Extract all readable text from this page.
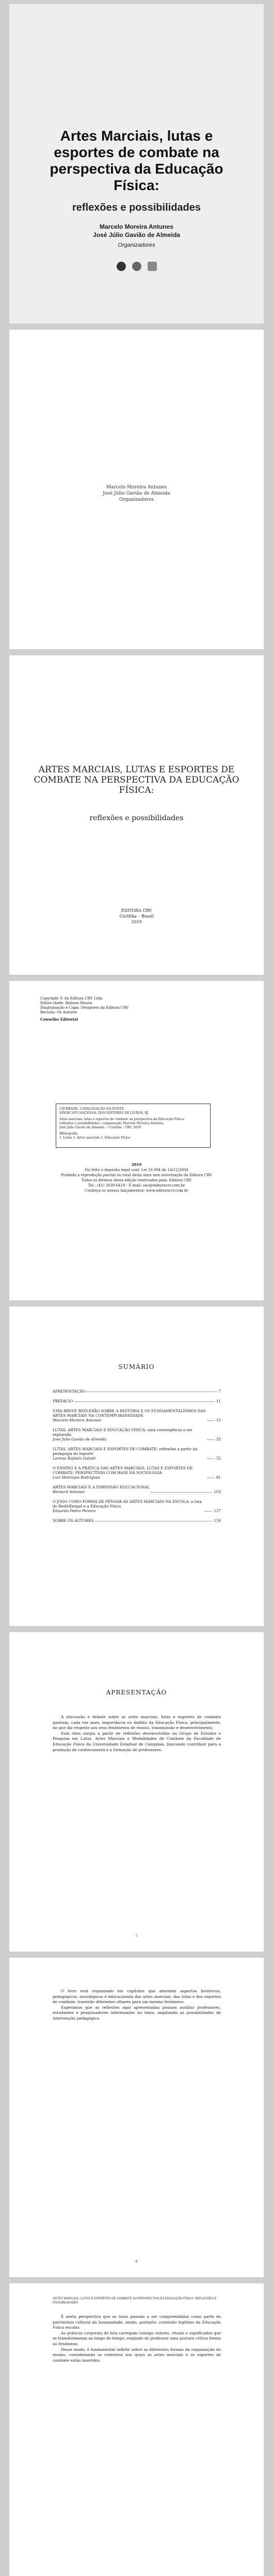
Artes Marciais, lutas e esportes de combate na perspectiva da Educação Física:
reflexões e possibilidades
Marcelo Moreira Antunes
José Júlio Gavião de Almeida
Organizadores
Marcelo Moreira Antunes
José Júlio Gavião de Almeida
Organizadores
ARTES MARCIAIS, LUTAS E ESPORTES DE COMBATE NA PERSPECTIVA DA EDUCAÇÃO FÍSICA:
reflexões e possibilidades
EDITORA CRV
Curitiba – Brasil
2019
Copyright © da Editora CRV Ltda.
Editor-chefe: Railson Moura
Diagramação e Capa: Designers da Editora CRV
Revisão: Os Autores
Conselho Editorial
CIP-BRASIL. CATALOGAÇÃO-NA-FONTE
SINDICATO NACIONAL DOS EDITORES DE LIVROS, RJ
Artes marciais, lutas e esportes de combate na perspectiva da Educação Física:
reflexões e possibilidades / organização Marcelo Moreira Antunes,
José Júlio Gavião de Almeida. – Curitiba : CRV, 2019.
Bibliografia
1. Lutas 2. Artes marciais 3. Educação Física
2019
Foi feito o depósito legal conf. Lei 10.994 de 14/12/2004
Proibida a reprodução parcial ou total desta obra sem autorização da Editora CRV
Todos os direitos desta edição reservados pela: Editora CRV
Tel.: (41) 3039-6418 - E-mail: sac@editoracrv.com.br
Conheça os nossos lançamentos: www.editoracrv.com.br
SUMÁRIO
APRESENTAÇÃO	7
PREFÁCIO	11
UMA BREVE REFLEXÃO SOBRE A HISTÓRIA E OS FUNDAMENTALISMOS DAS ARTES MARCIAIS NA CONTEMPORANEIDADE
Marcelo Moreira Antunes	15
LUTAS, ARTES MARCIAIS E EDUCAÇÃO FÍSICA: uma convergência a ser explorada
José Júlio Gavião de Almeida	33
LUTAS, ARTES MARCIAIS E ESPORTES DE COMBATE: reflexões a partir da pedagogia do esporte
Larissa Rafaela Galatti	55
O ENSINO E A PRÁTICA DAS ARTES MARCIAIS, LUTAS E ESPORTES DE COMBATE: PERSPECTIVAS COM BASE NA SOCIOLOGIA
Luiz Henrique Rodrigues	81
ARTES MARCIAIS E A DIMENSÃO EDUCACIONAL
Bernard Antunes	103
O JOGO COMO FORMA DE PENSAR AS ARTES MARCIAIS NA ESCOLA: a luta do Budô/Kempô e a Educação Física
Eduardo Pedro Pereira	127
SOBRE OS AUTORES	159
APRESENTAÇÃO

A discussão e debate sobre as artes marciais, lutas e esportes de combate ganham, cada vez mais, importância no âmbito da Educação Física, principalmente, no que diz respeito aos seus fenômenos de ensino, transmissão e desenvolvimento.

Esta obra surgiu a partir de reflexões desenvolvidas no Grupo de Estudos e Pesquisa em Lutas, Artes Marciais e Modalidades de Combate da Faculdade de Educação Física da Universidade Estadual de Campinas, buscando contribuir para a produção de conhecimento e a formação de professores.

7

O livro está organizado em capítulos que abordam aspectos históricos, pedagógicos, sociológicos e educacionais das artes marciais, das lutas e dos esportes de combate, trazendo diferentes olhares para um mesmo fenômeno.

Esperamos que as reflexões aqui apresentadas possam auxiliar professores, estudantes e pesquisadores interessados no tema, ampliando as possibilidades de intervenção pedagógica.

8
ARTES MARCIAIS, LUTAS E ESPORTES DE COMBATE NA PERSPECTIVA DA EDUCAÇÃO FÍSICA: REFLEXÕES E POSSIBILIDADES

É nesta perspectiva que as lutas passam a ser compreendidas como parte do patrimônio cultural da humanidade, sendo, portanto, conteúdo legítimo da Educação Física escolar.

As práticas corporais de luta carregam consigo valores, rituais e significados que se transformaram ao longo do tempo, exigindo do professor uma postura crítica frente ao fenômeno.

Desse modo, é fundamental refletir sobre as diferentes formas de organização do ensino, considerando os contextos nos quais as artes marciais e os esportes de combate estão inseridos.
